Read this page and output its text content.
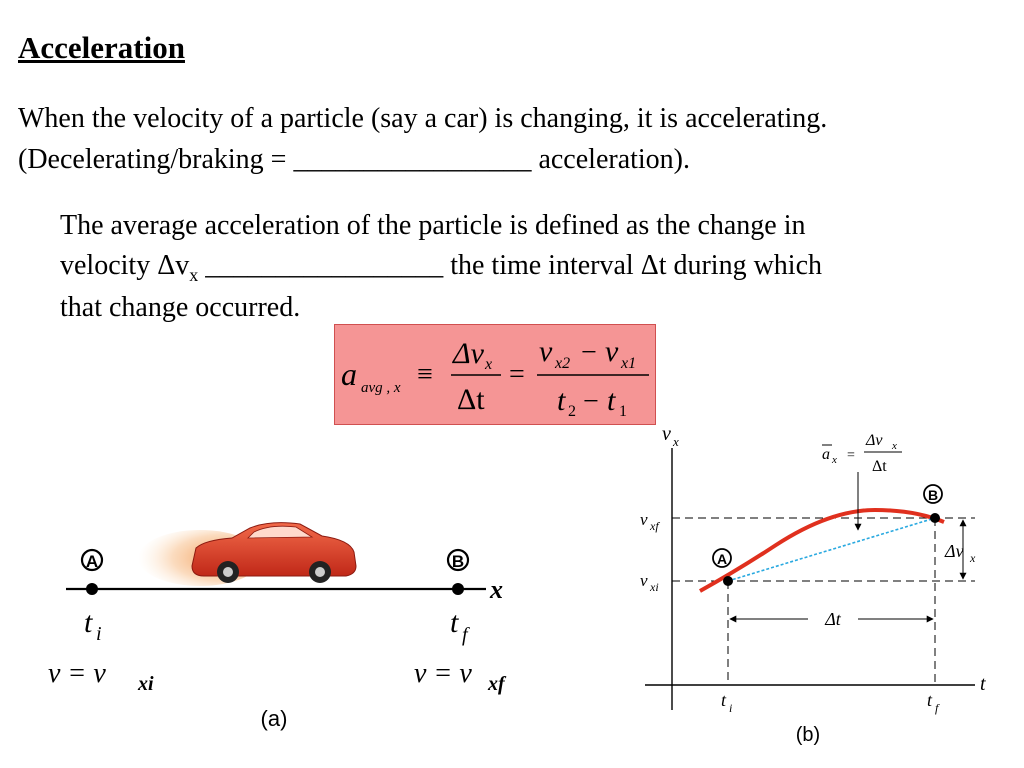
Acceleration
When the velocity of a particle (say a car) is changing, it is accelerating.
(Decelerating/braking = _________________ acceleration).
The average acceleration of the particle is defined as the change in
velocity $\Delta v_x$ _________________ the time interval Δt during which
that change occurred.
a avg , x ≡
Δv x
Δt
=
v x2 − v x1
t 2 − t 1
x
A	B
t i	t f
v = v xi	v = v xf
(a)
v x
t
A
B
v xf
v xi
a x =
Δv x
Δt
Δv x
Δt
t i	t f
(b)
